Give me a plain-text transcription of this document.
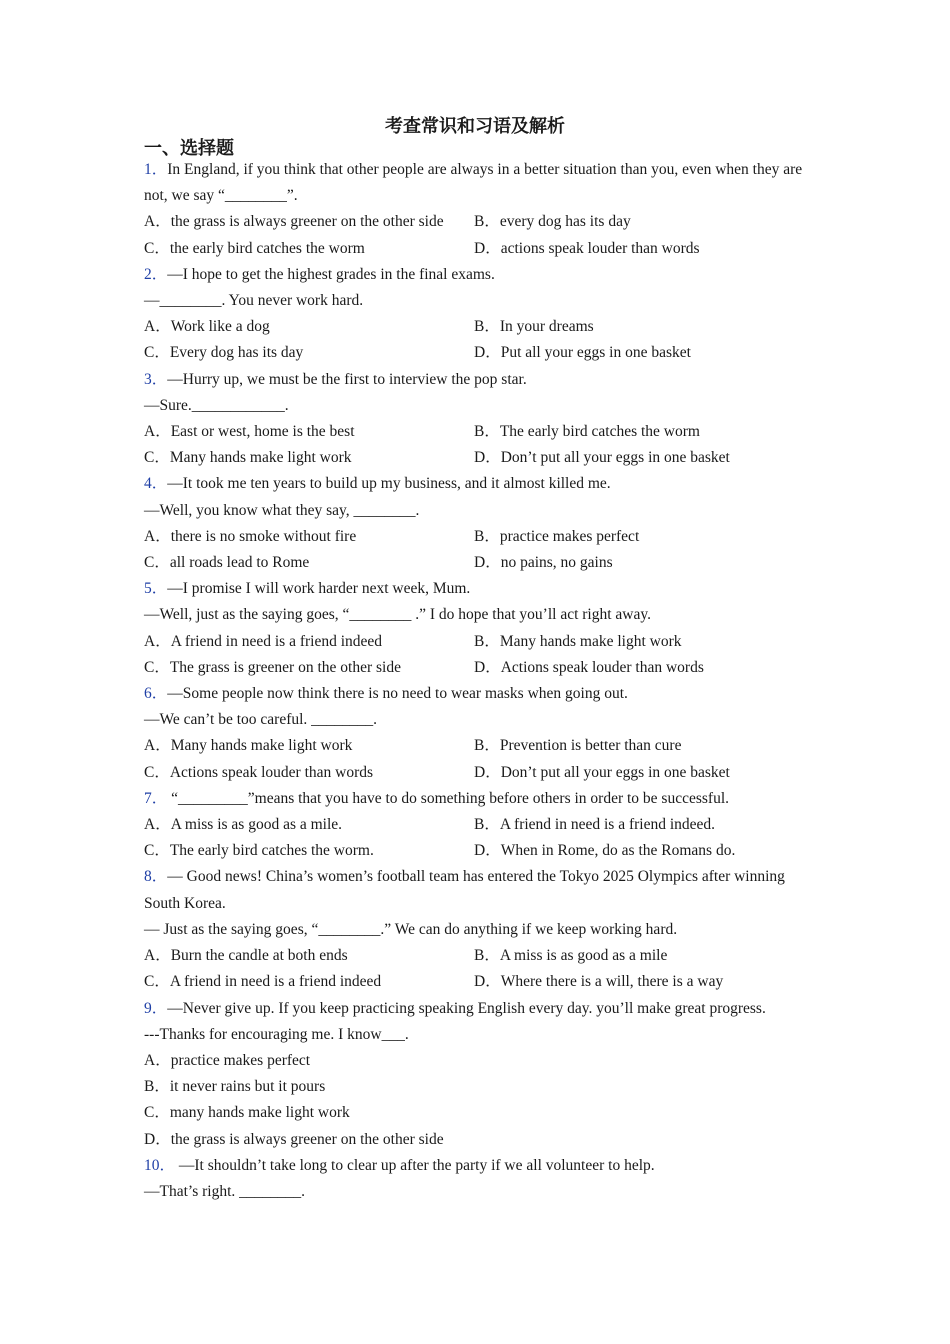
考查常识和习语及解析
一、选择题
1．In England, if you think that other people are always in a better situation than you, even when they are not, we say “________”.
A．the grass is always greener on the other side	B．every dog has its day
C．the early bird catches the worm	D．actions speak louder than words
2．—I hope to get the highest grades in the final exams.
—________. You never work hard.
A．Work like a dog	B．In your dreams
C．Every dog has its day	D．Put all your eggs in one basket
3．—Hurry up, we must be the first to interview the pop star.
—Sure.____________.
A．East or west, home is the best	B．The early bird catches the worm
C．Many hands make light work	D．Don’t put all your eggs in one basket
4．—It took me ten years to build up my business, and it almost killed me.
—Well, you know what they say, ________.
A．there is no smoke without fire	B．practice makes perfect
C．all roads lead to Rome	D．no pains, no gains
5．—I promise I will work harder next week, Mum.
—Well, just as the saying goes, “________ .” I do hope that you’ll act right away.
A．A friend in need is a friend indeed	B．Many hands make light work
C．The grass is greener on the other side	D．Actions speak louder than words
6．—Some people now think there is no need to wear masks when going out.
—We can’t be too careful. ________.
A．Many hands make light work	B．Prevention is better than cure
C．Actions speak louder than words	D．Don’t put all your eggs in one basket
7． “_________”means that you have to do something before others in order to be successful.
A．A miss is as good as a mile.	B．A friend in need is a friend indeed.
C．The early bird catches the worm.	D．When in Rome, do as the Romans do.
8．— Good news! China’s women’s football team has entered the Tokyo 2025 Olympics after winning South Korea.
— Just as the saying goes, “________.” We can do anything if we keep working hard.
A．Burn the candle at both ends	B．A miss is as good as a mile
C．A friend in need is a friend indeed	D．Where there is a will, there is a way
9．—Never give up. If you keep practicing speaking English every day. you’ll make great progress.
---Thanks for encouraging me. I know___.
A．practice makes perfect
B．it never rains but it pours
C．many hands make light work
D．the grass is always greener on the other side
10． —It shouldn’t take long to clear up after the party if we all volunteer to help.
—That’s right. ________.
